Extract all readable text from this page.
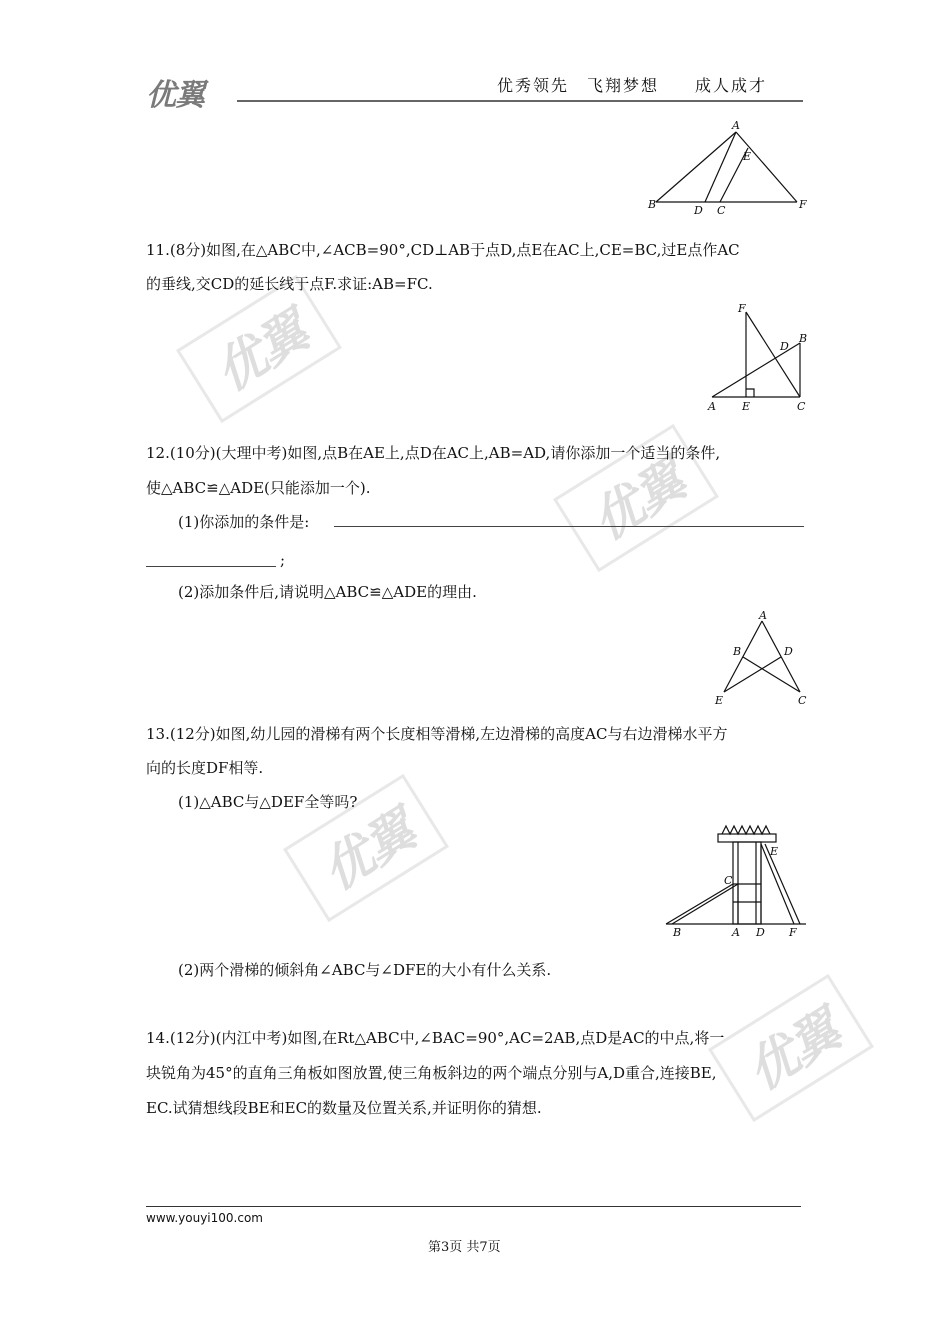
优翼	优秀领先　飞翔梦想　　成人成才
优翼
优翼
优翼
优翼
A
E
B	D C	F
11.(8分)如图,在△ABC中,∠ACB=90°,CD⊥AB于点D,点E在AC上,CE=BC,过E点作AC
的垂线,交CD的延长线于点F.求证:AB=FC.
F
B
D
A E	C
12.(10分)(大理中考)如图,点B在AE上,点D在AC上,AB=AD,请你添加一个适当的条件,
使△ABC≌△ADE(只能添加一个).
(1)你添加的条件是:
;
(2)添加条件后,请说明△ABC≌△ADE的理由.
A
B	D
E	C
13.(12分)如图,幼儿园的滑梯有两个长度相等滑梯,左边滑梯的高度AC与右边滑梯水平方
向的长度DF相等.
(1)△ABC与△DEF全等吗?
E
C
B	A D F
(2)两个滑梯的倾斜角∠ABC与∠DFE的大小有什么关系.
14.(12分)(内江中考)如图,在Rt△ABC中,∠BAC=90°,AC=2AB,点D是AC的中点,将一
块锐角为45°的直角三角板如图放置,使三角板斜边的两个端点分别与A,D重合,连接BE,
EC.试猜想线段BE和EC的数量及位置关系,并证明你的猜想.
www.youyi100.com
第3页 共7页
